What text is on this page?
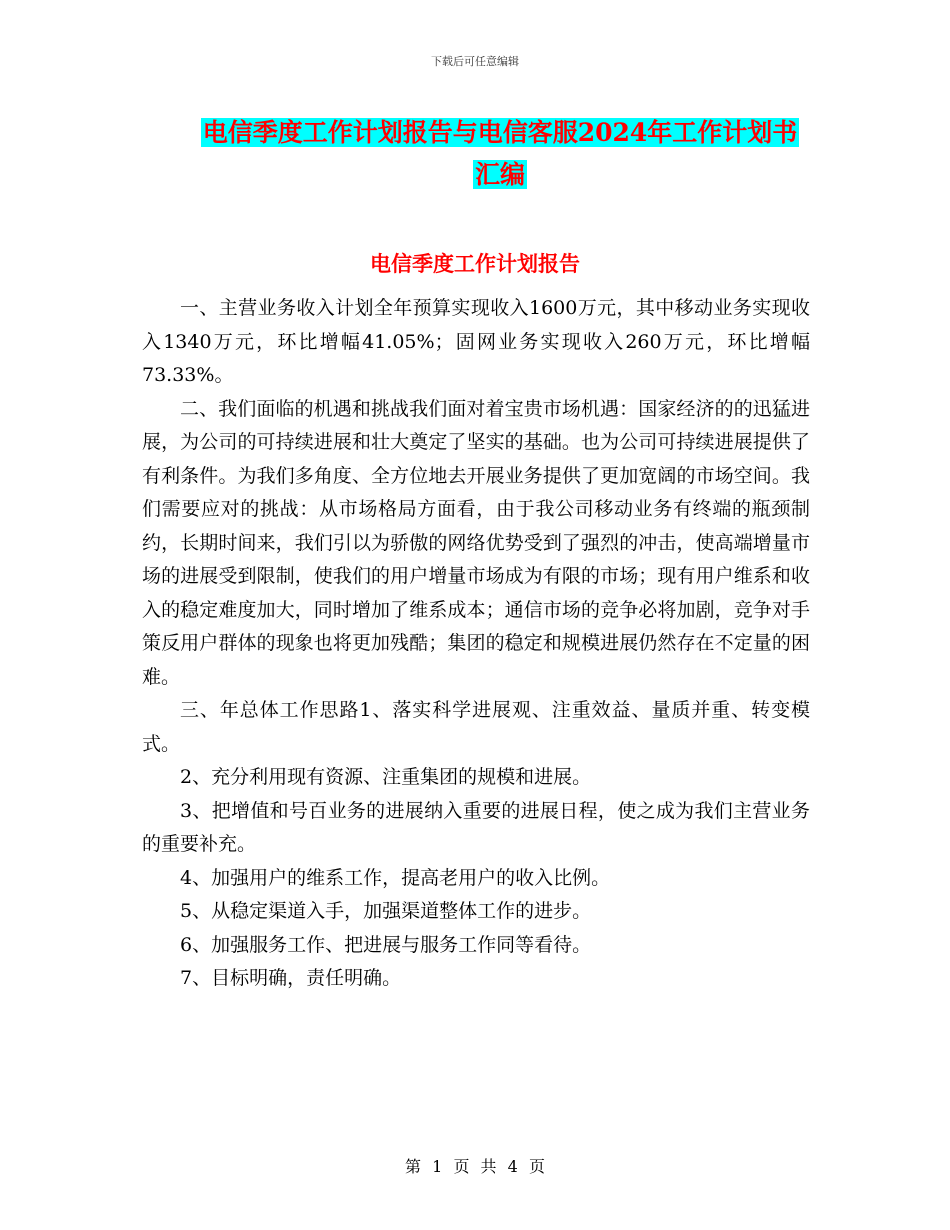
下载后可任意编辑
电信季度工作计划报告与电信客服2024年工作计划书
汇编
电信季度工作计划报告

一、主营业务收入计划全年预算实现收入1600万元，其中移动业务实现收入1340万元，环比增幅41.05%；固网业务实现收入260万元，环比增幅73.33%。

二、我们面临的机遇和挑战我们面对着宝贵市场机遇：国家经济的的迅猛进展，为公司的可持续进展和壮大奠定了坚实的基础。也为公司可持续进展提供了有利条件。为我们多角度、全方位地去开展业务提供了更加宽阔的市场空间。我们需要应对的挑战：从市场格局方面看，由于我公司移动业务有终端的瓶颈制约，长期时间来，我们引以为骄傲的网络优势受到了强烈的冲击，使高端增量市场的进展受到限制，使我们的用户增量市场成为有限的市场；现有用户维系和收入的稳定难度加大，同时增加了维系成本；通信市场的竞争必将加剧，竞争对手策反用户群体的现象也将更加残酷；集团的稳定和规模进展仍然存在不定量的困难。

三、年总体工作思路1、落实科学进展观、注重效益、量质并重、转变模式。

2、充分利用现有资源、注重集团的规模和进展。

3、把增值和号百业务的进展纳入重要的进展日程，使之成为我们主营业务的重要补充。

4、加强用户的维系工作，提高老用户的收入比例。

5、从稳定渠道入手，加强渠道整体工作的进步。

6、加强服务工作、把进展与服务工作同等看待。

7、目标明确，责任明确。

第 1 页 共 4 页
